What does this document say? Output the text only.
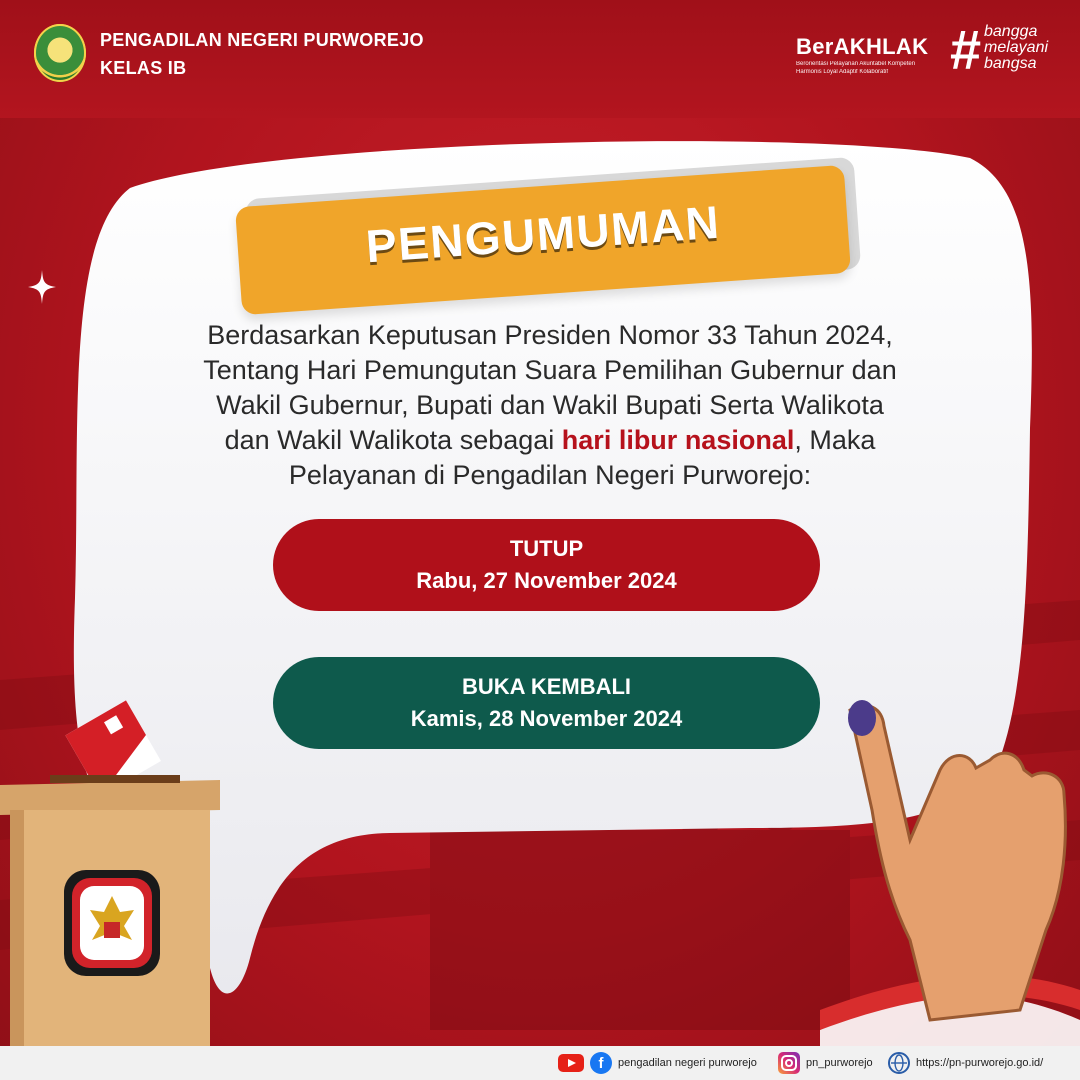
PENGADILAN NEGERI PURWOREJO
KELAS IB
BerAKHLAK
Berorientasi Pelayanan Akuntabel Kompeten
Harmonis Loyal Adaptif Kolaboratif	# bangga
melayani
bangsa
PENGUMUMAN
Berdasarkan Keputusan Presiden Nomor 33 Tahun 2024,
Tentang Hari Pemungutan Suara Pemilihan Gubernur dan
Wakil Gubernur, Bupati dan Wakil Bupati Serta Walikota
dan Wakil Walikota sebagai hari libur nasional, Maka
Pelayanan di Pengadilan Negeri Purworejo:
TUTUP
Rabu, 27 November 2024
BUKA KEMBALI
Kamis, 28 November 2024
f	pengadilan negeri purworejo	pn_purworejo	https://pn-purworejo.go.id/
